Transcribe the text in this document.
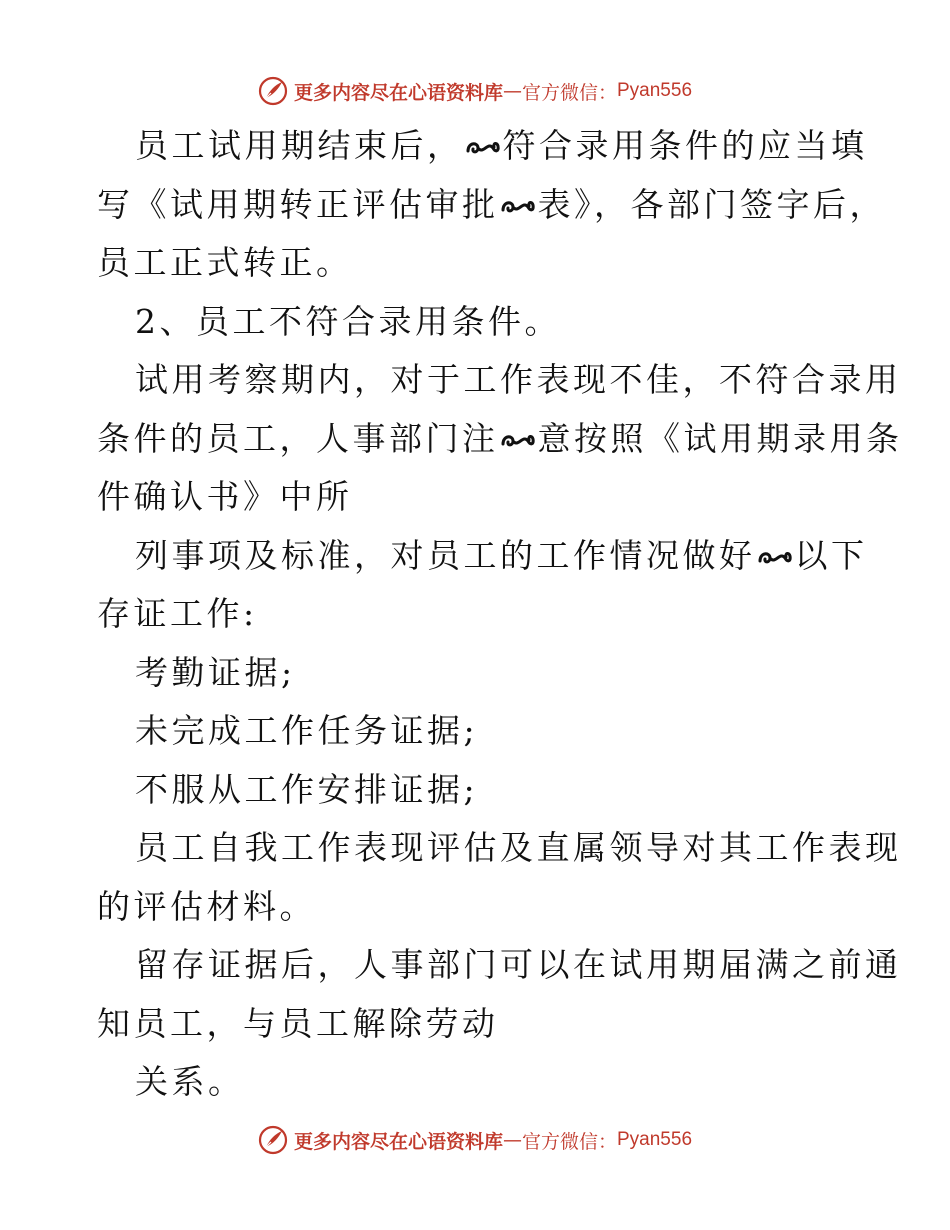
更多内容尽在心语资料库 — 官方微信： Pyan556
员工试用期结束后， 符合录用条件的应当填
写《试用期转正评估审批 表》，各部门签字后，
员工正式转正。
2、员工不符合录用条件。
试用考察期内，对于工作表现不佳，不符合录用
条件的员工，人事部门注 意按照《试用期录用条
件确认书》中所
列事项及标准，对员工的工作情况做好 以下
存证工作:
考勤证据;
未完成工作任务证据;
不服从工作安排证据;
员工自我工作表现评估及直属领导对其工作表现
的评估材料。
留存证据后，人事部门可以在试用期届满之前通
知员工，与员工解除劳动
关系。
更多内容尽在心语资料库 — 官方微信： Pyan556
